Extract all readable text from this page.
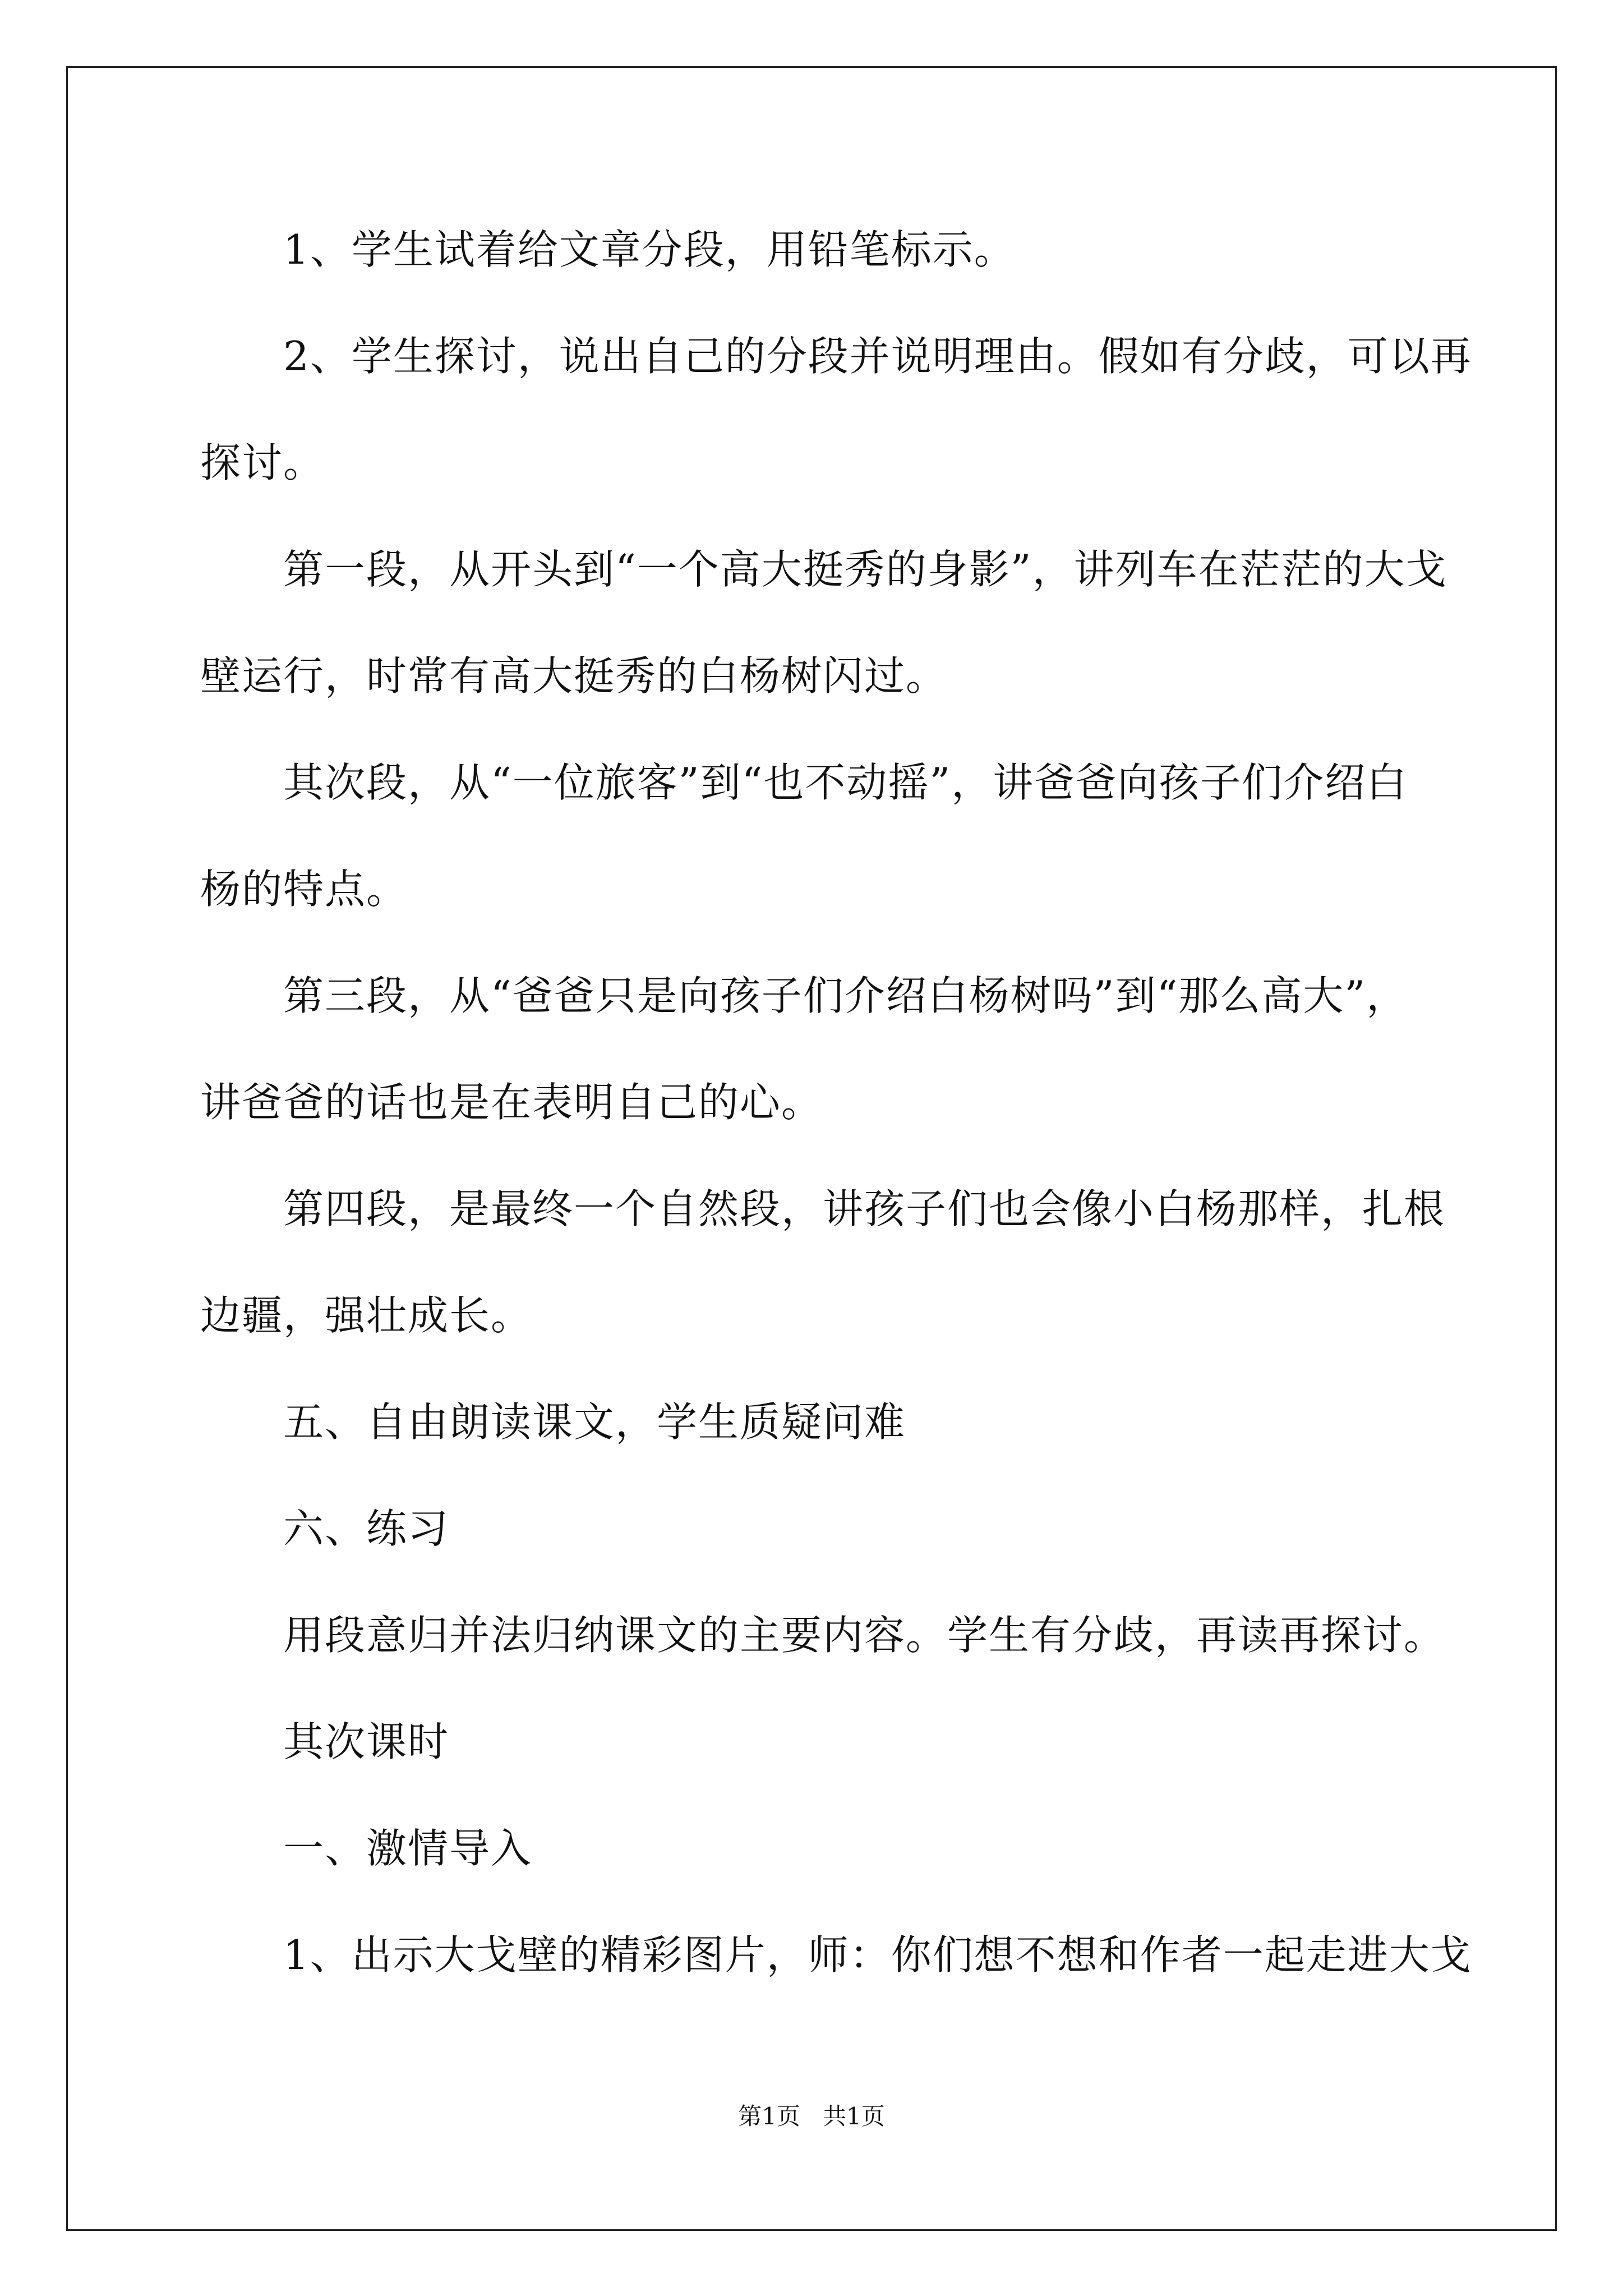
1、学生试着给文章分段，用铅笔标示。
2、学生探讨，说出自己的分段并说明理由。假如有分歧，可以再
探讨。
第一段，从开头到“一个高大挺秀的身影”，讲列车在茫茫的大戈
壁运行，时常有高大挺秀的白杨树闪过。
其次段，从“一位旅客”到“也不动摇”，讲爸爸向孩子们介绍白
杨的特点。
第三段，从“爸爸只是向孩子们介绍白杨树吗”到“那么高大”，
讲爸爸的话也是在表明自己的心。
第四段，是最终一个自然段，讲孩子们也会像小白杨那样，扎根
边疆，强壮成长。
五、自由朗读课文，学生质疑问难
六、练习
用段意归并法归纳课文的主要内容。学生有分歧，再读再探讨。
其次课时
一、激情导入
1、出示大戈壁的精彩图片，师：你们想不想和作者一起走进大戈
第1页 共1页
